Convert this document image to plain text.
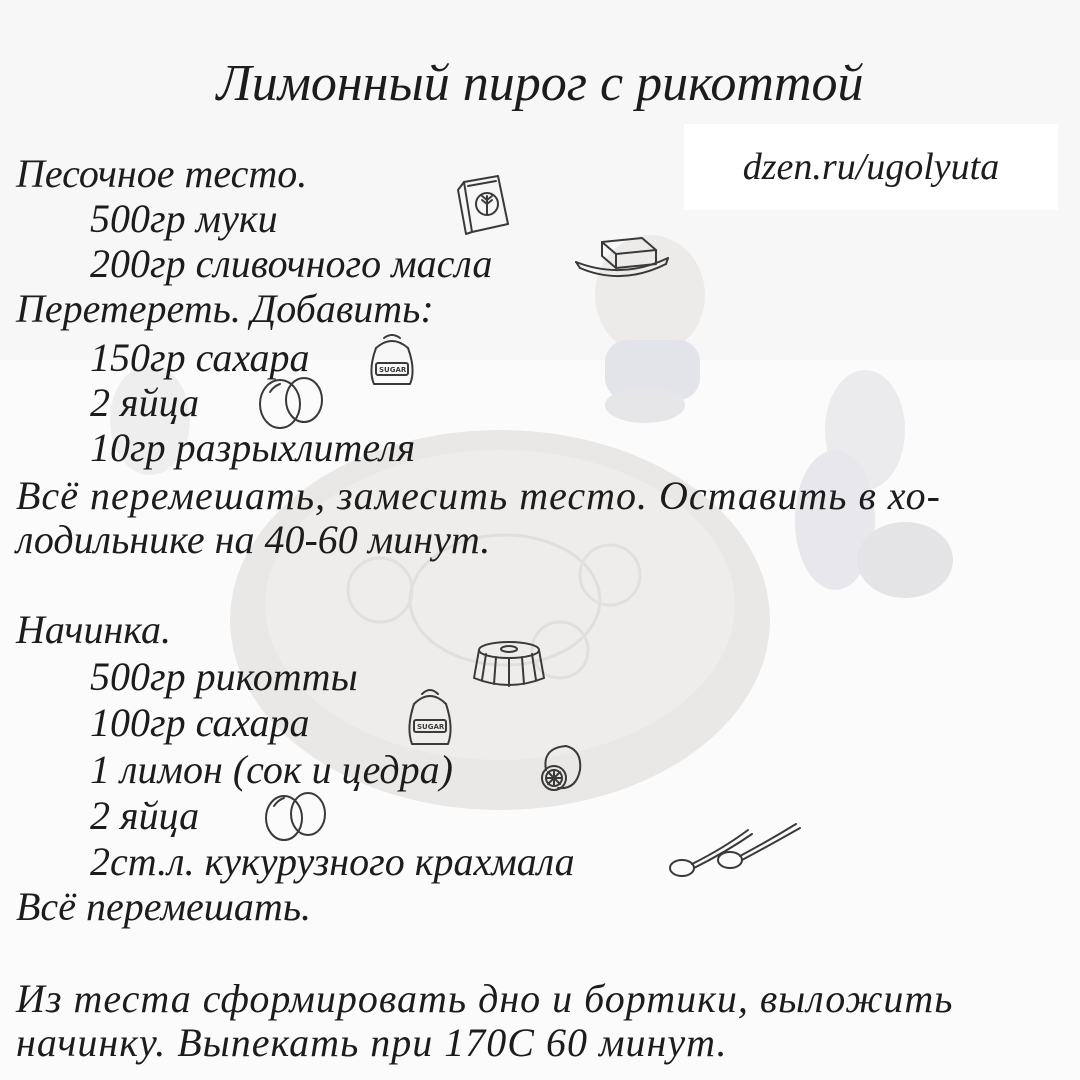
Лимонный пирог с рикоттой
dzen.ru/ugolyuta
Песочное тесто.
500гр муки
200гр сливочного масла
Перетереть. Добавить:
150гр сахара
2 яйца
10гр разрыхлителя
Всё перемешать, замесить тесто. Оставить в хо-
лодильнике на 40-60 минут.
Начинка.
500гр рикотты
100гр сахара
1 лимон (сок и цедра)
2 яйца
2ст.л. кукурузного крахмала
Всё перемешать.
Из теста сформировать дно и бортики, выложить
начинку. Выпекать при 170С 60 минут.
SUGAR
SUGAR
